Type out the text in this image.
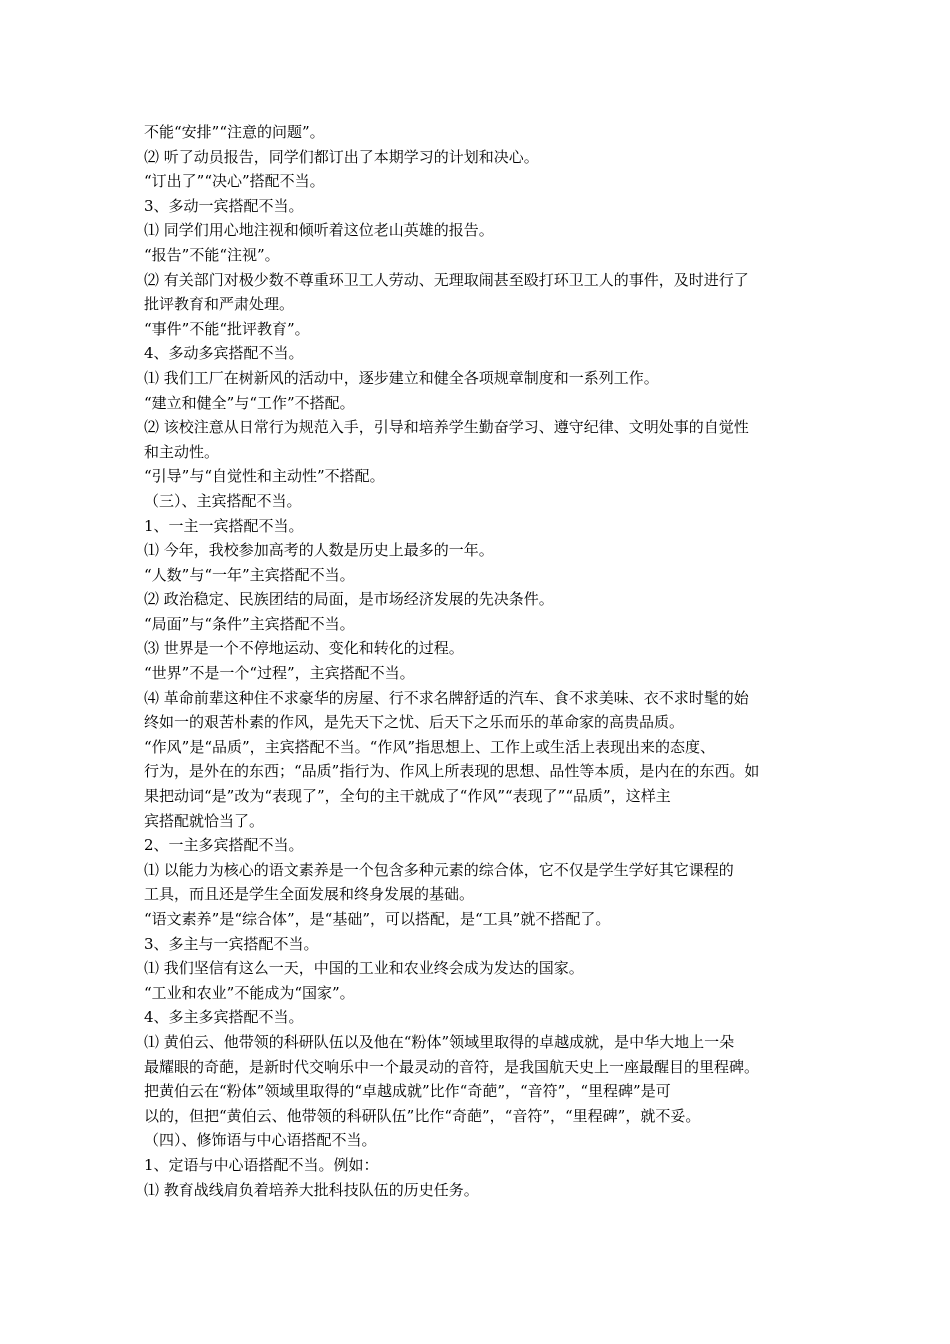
不能“安排”“注意的问题”。
⑵ 听了动员报告，同学们都订出了本期学习的计划和决心。
“订出了”“决心”搭配不当。
3、多动一宾搭配不当。
⑴ 同学们用心地注视和倾听着这位老山英雄的报告。
“报告”不能“注视”。
⑵ 有关部门对极少数不尊重环卫工人劳动、无理取闹甚至殴打环卫工人的事件，及时进行了
批评教育和严肃处理。
“事件”不能“批评教育”。
4、多动多宾搭配不当。
⑴ 我们工厂在树新风的活动中，逐步建立和健全各项规章制度和一系列工作。
“建立和健全”与“工作”不搭配。
⑵ 该校注意从日常行为规范入手，引导和培养学生勤奋学习、遵守纪律、文明处事的自觉性
和主动性。
“引导”与“自觉性和主动性”不搭配。
（三）、主宾搭配不当。
1、一主一宾搭配不当。
⑴ 今年，我校参加高考的人数是历史上最多的一年。
“人数”与“一年”主宾搭配不当。
⑵ 政治稳定、民族团结的局面，是市场经济发展的先决条件。
“局面”与“条件”主宾搭配不当。
⑶ 世界是一个不停地运动、变化和转化的过程。
“世界”不是一个“过程”，主宾搭配不当。
⑷ 革命前辈这种住不求豪华的房屋、行不求名牌舒适的汽车、食不求美味、衣不求时髦的始
终如一的艰苦朴素的作风，是先天下之忧、后天下之乐而乐的革命家的高贵品质。
“作风”是“品质”，主宾搭配不当。“作风”指思想上、工作上或生活上表现出来的态度、
行为，是外在的东西；“品质”指行为、作风上所表现的思想、品性等本质，是内在的东西。如
果把动词“是”改为“表现了”，全句的主干就成了“作风”“表现了”“品质”，这样主
宾搭配就恰当了。
2、一主多宾搭配不当。
⑴ 以能力为核心的语文素养是一个包含多种元素的综合体，它不仅是学生学好其它课程的
工具，而且还是学生全面发展和终身发展的基础。
“语文素养”是“综合体”，是“基础”，可以搭配，是“工具”就不搭配了。
3、多主与一宾搭配不当。
⑴ 我们坚信有这么一天，中国的工业和农业终会成为发达的国家。
“工业和农业”不能成为“国家”。
4、多主多宾搭配不当。
⑴ 黄伯云、他带领的科研队伍以及他在“粉体”领域里取得的卓越成就，是中华大地上一朵
最耀眼的奇葩，是新时代交响乐中一个最灵动的音符，是我国航天史上一座最醒目的里程碑。
把黄伯云在“粉体”领域里取得的“卓越成就”比作“奇葩”，“音符”，“里程碑”是可
以的，但把“黄伯云、他带领的科研队伍”比作“奇葩”，“音符”，“里程碑”，就不妥。
（四）、修饰语与中心语搭配不当。
1、定语与中心语搭配不当。例如：
⑴ 教育战线肩负着培养大批科技队伍的历史任务。
